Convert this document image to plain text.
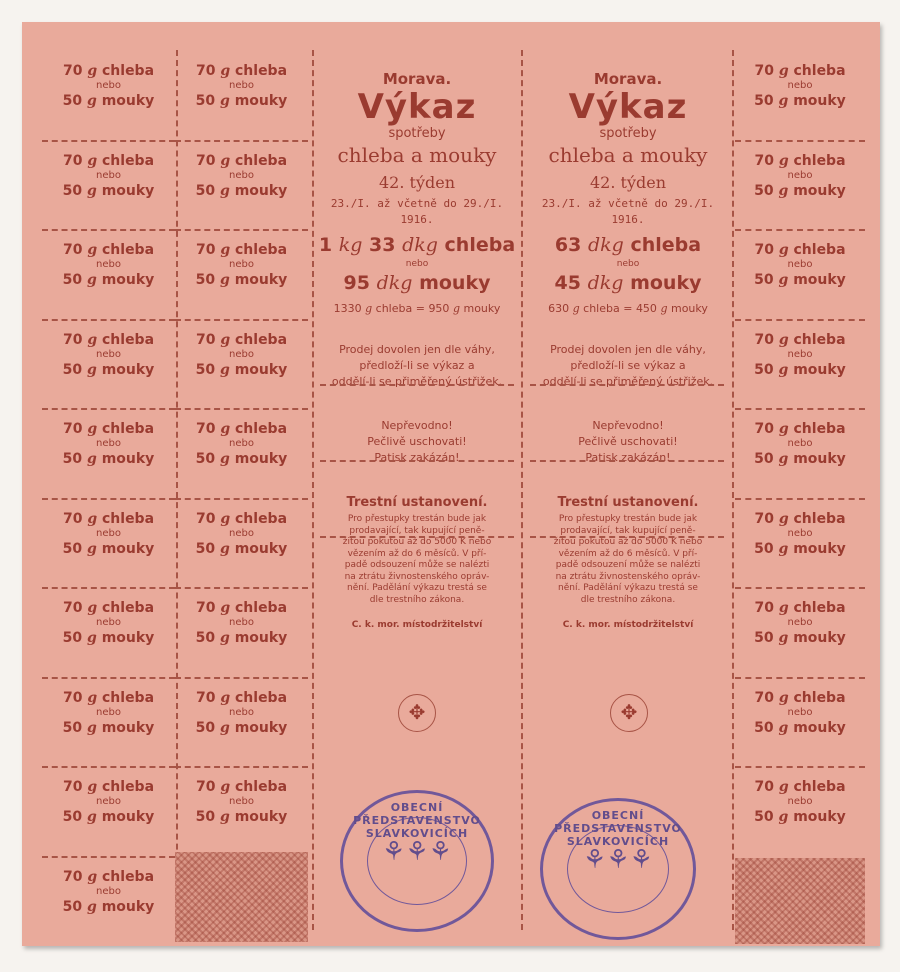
70 g chleba
nebo
50 g mouky
70 g chleba
nebo
50 g mouky
70 g chleba
nebo
50 g mouky
70 g chleba
nebo
50 g mouky
70 g chleba
nebo
50 g mouky
70 g chleba
nebo
50 g mouky
70 g chleba
nebo
50 g mouky
70 g chleba
nebo
50 g mouky
70 g chleba
nebo
50 g mouky
70 g chleba
nebo
50 g mouky
70 g chleba
nebo
50 g mouky
70 g chleba
nebo
50 g mouky
70 g chleba
nebo
50 g mouky
70 g chleba
nebo
50 g mouky
70 g chleba
nebo
50 g mouky
70 g chleba
nebo
50 g mouky
70 g chleba
nebo
50 g mouky
70 g chleba
nebo
50 g mouky
70 g chleba
nebo
50 g mouky
70 g chleba
nebo
50 g mouky
70 g chleba
nebo
50 g mouky
70 g chleba
nebo
50 g mouky
70 g chleba
nebo
50 g mouky
70 g chleba
nebo
50 g mouky
70 g chleba
nebo
50 g mouky
70 g chleba
nebo
50 g mouky
70 g chleba
nebo
50 g mouky
70 g chleba
nebo
50 g mouky
Morava.
Výkaz
spotřeby
chleba a mouky
42. týden
23./I. až včetně do 29./I. 1916.
1 kg 33 dkg chleba
nebo
95 dkg mouky
1330 g chleba = 950 g mouky
Prodej dovolen jen dle váhy,
předloží-li se výkaz a
oddělí-li se přiměřený ústřižek.
Nepřevodno!
Pečlivě uschovati!
Patisk zakázán!
Trestní ustanovení.
Pro přestupky trestán bude jak
prodavající, tak kupující peně-
žitou pokutou až do 5000 K nebo
vězením až do 6 měsíců. V pří-
padě odsouzení může se nalézti
na ztrátu živnostenského opráv-
nění. Padělání výkazu trestá se
dle trestního zákona.
C. k. mor. místodržitelství
Morava.
Výkaz
spotřeby
chleba a mouky
42. týden
23./I. až včetně do 29./I. 1916.
63 dkg chleba
nebo
45 dkg mouky
630 g chleba = 450 g mouky
Prodej dovolen jen dle váhy,
předloží-li se výkaz a
oddělí-li se přiměřený ústřižek.
Nepřevodno!
Pečlivě uschovati!
Patisk zakázán!
Trestní ustanovení.
Pro přestupky trestán bude jak
prodavající, tak kupující peně-
žitou pokutou až do 5000 K nebo
vězením až do 6 měsíců. V pří-
padě odsouzení může se nalézti
na ztrátu živnostenského opráv-
nění. Padělání výkazu trestá se
dle trestního zákona.
C. k. mor. místodržitelství
✥	✥
OBECNÍ PŘEDSTAVENSTVO SLAVKOVICÍCH
⚘⚘⚘
OBECNÍ PŘEDSTAVENSTVO SLAVKOVICÍCH
⚘⚘⚘
